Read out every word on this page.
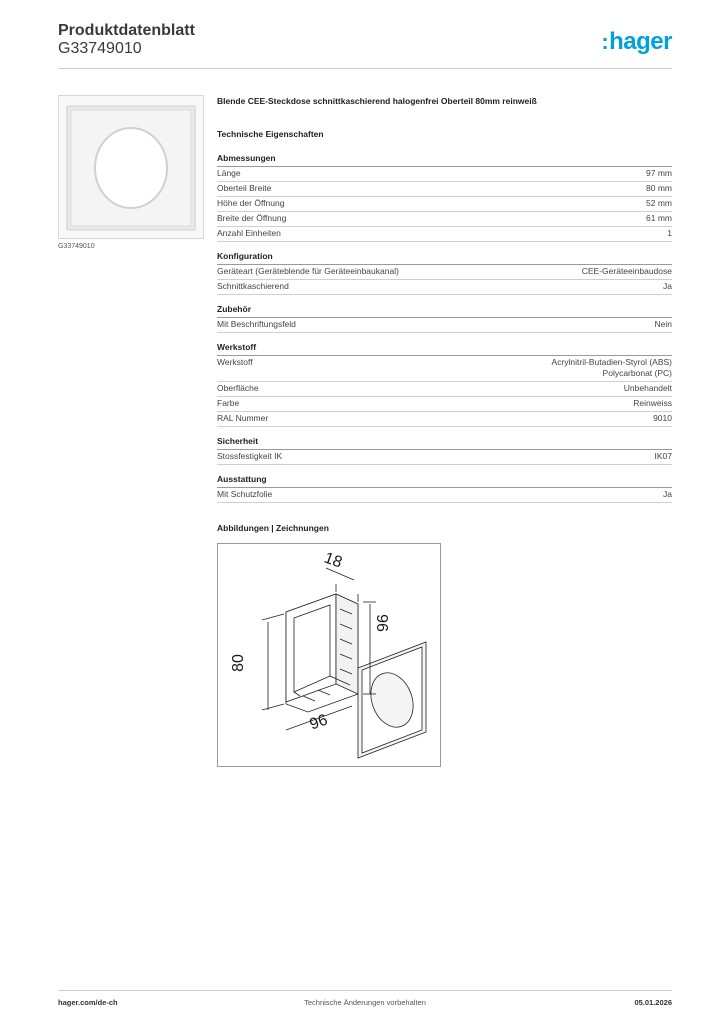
Produktdatenblatt
G33749010	:hager
G33749010
Blende CEE-Steckdose schnittkaschierend halogenfrei Oberteil 80mm reinweiß
Technische Eigenschaften
Abmessungen
Länge	97 mm
Oberteil Breite	80 mm
Höhe der Öffnung	52 mm
Breite der Öffnung	61 mm
Anzahl Einheiten	1
Konfiguration
Geräteart (Geräteblende für Geräteeinbaukanal)	CEE-Geräteeinbaudose
Schnittkaschierend	Ja
Zubehör
Mit Beschriftungsfeld	Nein
Werkstoff
Werkstoff	Acrylnitril-Butadien-Styrol (ABS)
Polycarbonat (PC)
Oberfläche	Unbehandelt
Farbe	Reinweiss
RAL Nummer	9010
Sicherheit
Stossfestigkeit IK	IK07
Ausstattung
Mit Schutzfolie	Ja
Abbildungen | Zeichnungen
18
96
80
96
hager.com/de-ch	Technische Änderungen vorbehalten	05.01.2026
